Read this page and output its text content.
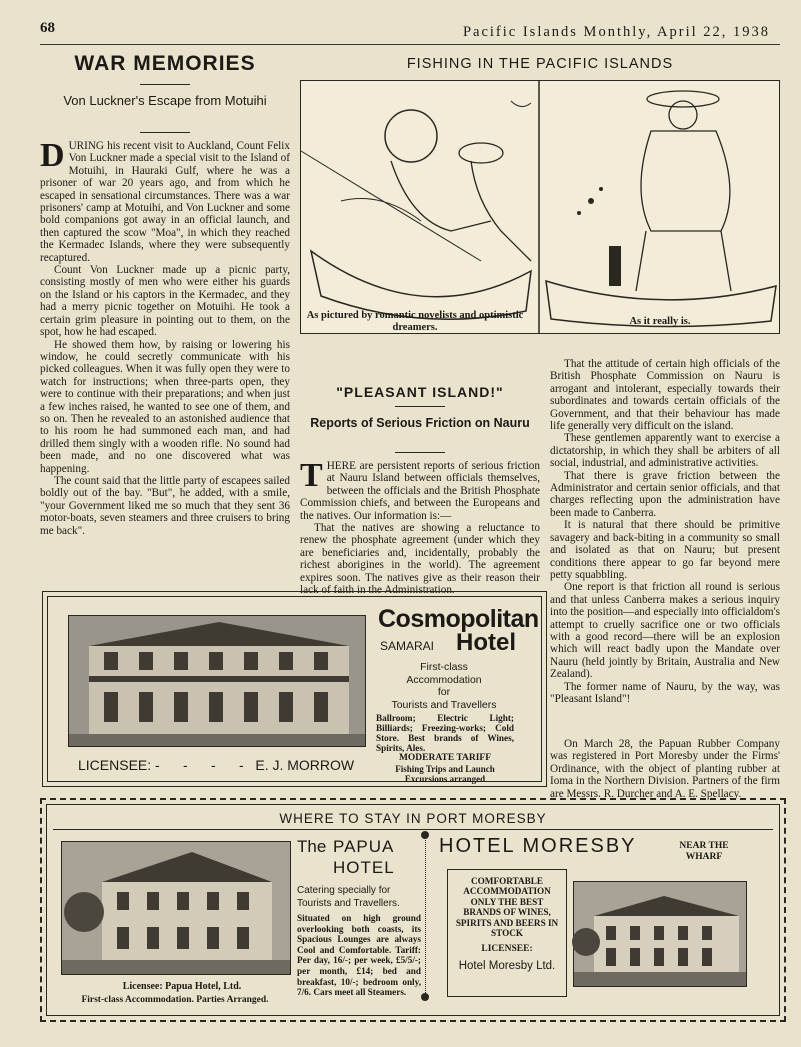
68	Pacific Islands Monthly, April 22, 1938
WAR MEMORIES
Von Luckner's Escape from Motuihi
D URING his recent visit to Auckland, Count Felix Von Luckner made a special visit to the Island of Motuihi, in Hauraki Gulf, where he was a prisoner of war 20 years ago, and from which he escaped in sensational circumstances. There was a war prisoners' camp at Motuihi, and Von Luckner and some bold companions got away in an official launch, and then captured the scow "Moa", in which they reached the Kermadec Islands, where they were subsequently recaptured.

Count Von Luckner made up a picnic party, consisting mostly of men who were either his guards on the Island or his captors in the Kermadec, and they had a merry picnic together on Motuihi. He took a certain grim pleasure in pointing out to them, on the spot, how he had escaped.

He showed them how, by raising or lowering his window, he could secretly communicate with his picked colleagues. When it was fully open they were to watch for instructions; when three-parts open, they were to continue with their preparations; and when just a few inches raised, he wanted to see one of them, and so on. Then he revealed to an astonished audience that to his room he had summoned each man, and had drilled them singly with a wooden rifle. No sound had been made, and no one discovered what was happening.

The count said that the little party of escapees sailed boldly out of the bay. "But", he added, with a smile, "your Government liked me so much that they sent 36 motor-boats, seven steamers and three cruisers to bring me back".

FISHING IN THE PACIFIC ISLANDS
As pictured by romantic novelists and optimistic dreamers.
As it really is.
"PLEASANT ISLAND!"
Reports of Serious Friction on Nauru
T HERE are persistent reports of serious friction at Nauru Island between officials themselves, between the officials and the British Phosphate Commission chiefs, and between the Europeans and the natives. Our information is:—

That the natives are showing a reluctance to renew the phosphate agreement (under which they are beneficiaries and, incidentally, probably the richest aborigines in the world). The agreement expires soon. The natives give as their reason their lack of faith in the Administration.

That the attitude of certain high officials of the British Phosphate Commission on Nauru is arrogant and intolerant, especially towards their subordinates and towards certain officials of the Government, and that their behaviour has made life generally very difficult on the island.

These gentlemen apparently want to exercise a dictatorship, in which they shall be arbiters of all social, industrial, and administrative activities.

That there is grave friction between the Administrator and certain senior officials, and that charges reflecting upon the administration have been made to Canberra.

It is natural that there should be primitive savagery and back-biting in a community so small and isolated as that on Nauru; but present conditions there appear to go far beyond mere petty squabbling.

One report is that friction all round is serious and that unless Canberra makes a serious inquiry into the position—and especially into officialdom's attempt to cruelly sacrifice one or two officials with a good record—there will be an explosion which will react badly upon the Mandate over Nauru (held jointly by Britain, Australia and New Zealand).

The former name of Nauru, by the way, was "Pleasant Island"!

On March 28, the Papuan Rubber Company was registered in Port Moresby under the Firms' Ordinance, with the object of planting rubber at Ioma in the Northern Division. Partners of the firm are Messrs. R. Durcher and A. E. Spellacy.

LICENSEE: -      -      -      -   E. J. MORROW
Cosmopolitan
SAMARAI Hotel
First-class
Accommodation
for
Tourists and Travellers
Ballroom; Electric Light; Billiards; Freezing-works; Cold Store. Best brands of Wines, Spirits, Ales.
MODERATE TARIFF
Fishing Trips and Launch Excursions arranged
WHERE TO STAY IN PORT MORESBY
Licensee: Papua Hotel, Ltd.
First-class Accommodation. Parties Arranged.
The PAPUA
HOTEL
Catering specially for Tourists and Travellers.
Situated on high ground overlooking both coasts, its Spacious Lounges are always Cool and Comfortable. Tariff: Per day, 16/-; per week, £5/5/-; per month, £14; bed and breakfast, 10/-; bedroom only, 7/6. Cars meet all Steamers.
HOTEL MORESBY	NEAR THE WHARF
COMFORTABLE ACCOMMODATION ONLY THE BEST BRANDS OF WINES, SPIRITS AND BEERS IN STOCK
LICENSEE:
Hotel Moresby Ltd.
